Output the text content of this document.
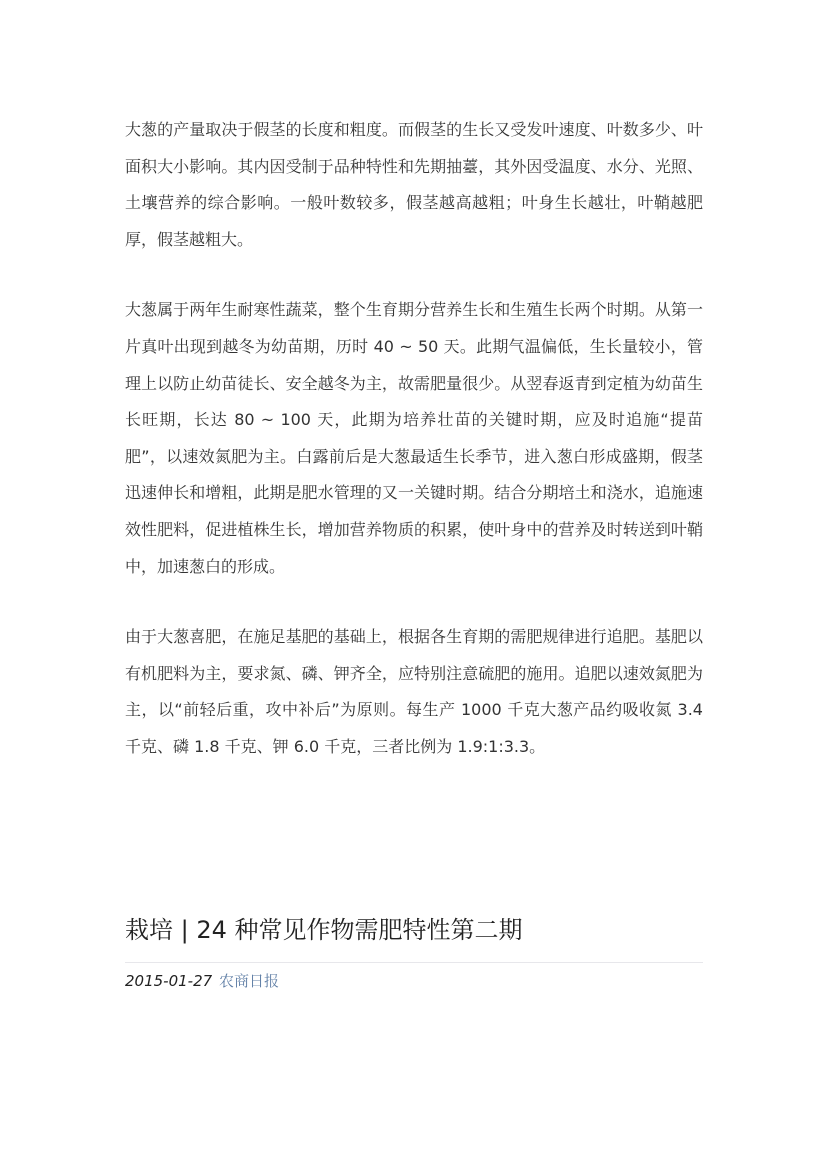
大葱的产量取决于假茎的长度和粗度。而假茎的生长又受发叶速度、叶数多少、叶面积大小影响。其内因受制于品种特性和先期抽薹，其外因受温度、水分、光照、土壤营养的综合影响。一般叶数较多，假茎越高越粗；叶身生长越壮，叶鞘越肥厚，假茎越粗大。

大葱属于两年生耐寒性蔬菜，整个生育期分营养生长和生殖生长两个时期。从第一片真叶出现到越冬为幼苗期，历时 40 ~ 50 天。此期气温偏低，生长量较小，管理上以防止幼苗徒长、安全越冬为主，故需肥量很少。从翌春返青到定植为幼苗生长旺期，长达 80 ~ 100 天，此期为培养壮苗的关键时期，应及时追施“提苗肥”，以速效氮肥为主。白露前后是大葱最适生长季节，进入葱白形成盛期，假茎迅速伸长和增粗，此期是肥水管理的又一关键时期。结合分期培土和浇水，追施速效性肥料，促进植株生长，增加营养物质的积累，使叶身中的营养及时转送到叶鞘中，加速葱白的形成。

由于大葱喜肥，在施足基肥的基础上，根据各生育期的需肥规律进行追肥。基肥以有机肥料为主，要求氮、磷、钾齐全，应特别注意硫肥的施用。追肥以速效氮肥为主，以“前轻后重，攻中补后”为原则。每生产 1000 千克大葱产品约吸收氮 3.4 千克、磷 1.8 千克、钾 6.0 千克，三者比例为 1.9:1:3.3。

栽培 | 24 种常见作物需肥特性第二期
2015-01-27 农商日报
